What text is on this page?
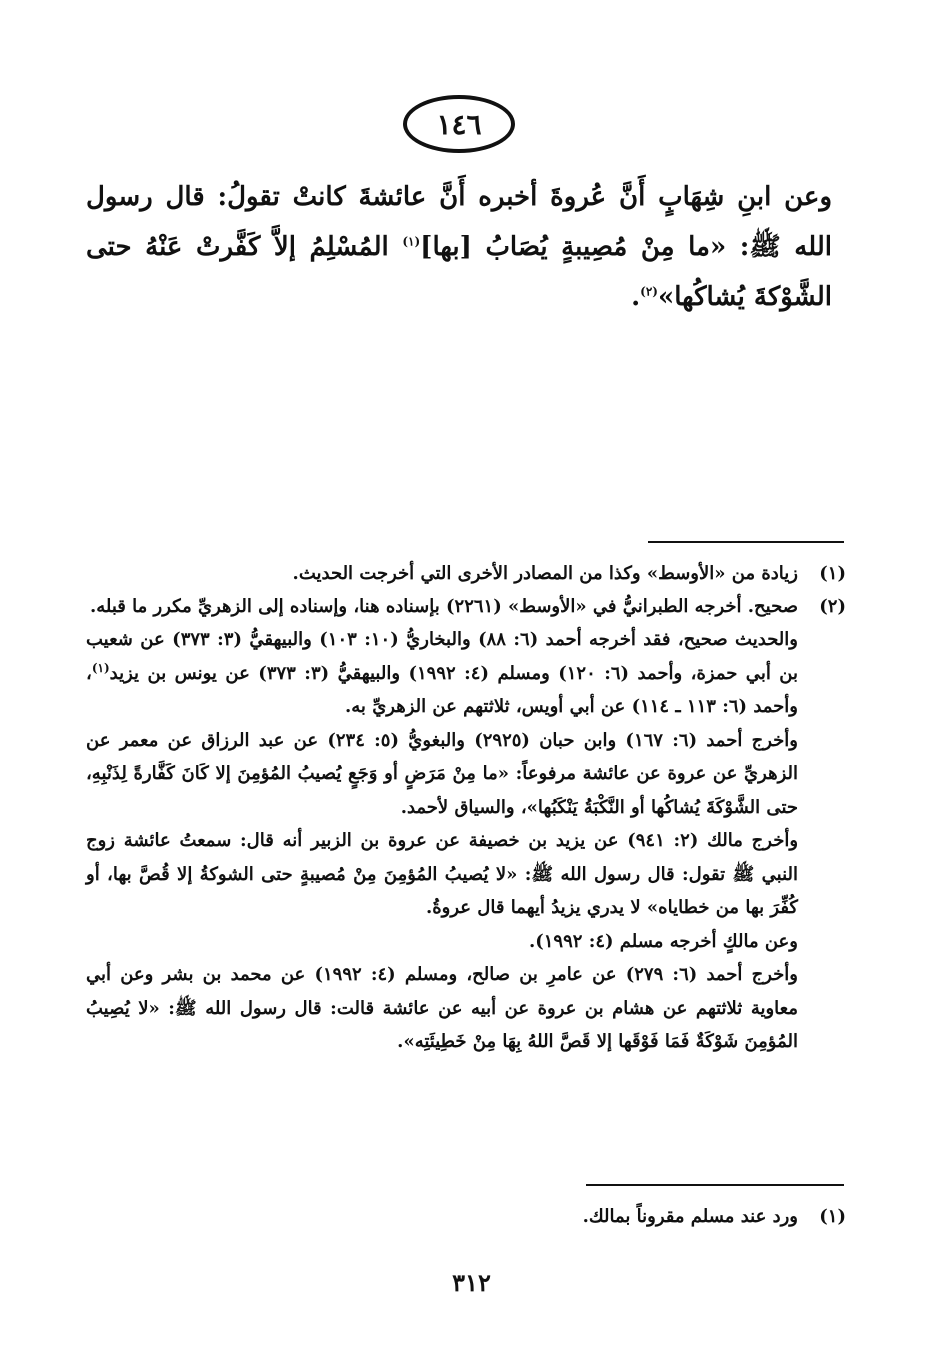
١٤٦
وعن ابنِ شِهَابٍ أَنَّ عُروةَ أخبره أَنَّ عائشةَ كانتْ تقولُ: قال رسول الله ﷺ: «ما مِنْ مُصِيبةٍ يُصَابُ [بها]$^{(١)}$ المُسْلِمُ إلاَّ كَفَّرتْ عَنْهُ حتى الشَّوْكةَ يُشاكُها»$^{(٢)}$.
(١)
زيادة من «الأوسط» وكذا من المصادر الأخرى التي أخرجت الحديث.
(٢)
صحيح. أخرجه الطبرانيُّ في «الأوسط» (٢٢٦١) بإسناده هنا، وإسناده إلى الزهريِّ مكرر ما قبله.
والحديث صحيح، فقد أخرجه أحمد (٦: ٨٨) والبخاريُّ (١٠: ١٠٣) والبيهقيُّ (٣: ٣٧٣) عن شعيب بن أبي حمزة، وأحمد (٦: ١٢٠) ومسلم (٤: ١٩٩٢) والبيهقيُّ (٣: ٣٧٣) عن يونس بن يزيد$^{(١)}$، وأحمد (٦: ١١٣ ـ ١١٤) عن أبي أويس، ثلاثتهم عن الزهريِّ به.
وأخرج أحمد (٦: ١٦٧) وابن حبان (٢٩٢٥) والبغويُّ (٥: ٢٣٤) عن عبد الرزاق عن معمر عن الزهريِّ عن عروة عن عائشة مرفوعاً: «ما مِنْ مَرَضٍ أو وَجَعٍ يُصيبُ المُؤمِنَ إلا كَانَ كَفَّارةً لِذَنْبِهِ، حتى الشَّوْكَةَ يُشاكُها أو النَّكْبَةُ يَنْكَبُها»، والسياق لأحمد.
وأخرج مالك (٢: ٩٤١) عن يزيد بن خصيفة عن عروة بن الزبير أنه قال: سمعتُ عائشة زوج النبي ﷺ تقول: قال رسول الله ﷺ: «لا يُصيبُ المُؤمِنَ مِنْ مُصيبةٍ حتى الشوكةُ إلا قُصَّ بها، أو كُفِّرَ بها من خطاياه» لا يدري يزيدُ أيهما قال عروةُ.
وعن مالكٍ أخرجه مسلم (٤: ١٩٩٢).
وأخرج أحمد (٦: ٢٧٩) عن عامرِ بن صالح، ومسلم (٤: ١٩٩٢) عن محمد بن بشر وعن أبي معاوية ثلاثتهم عن هشام بن عروة عن أبيه عن عائشة قالت: قال رسول الله ﷺ: «لا يُصِيبُ المُؤمِنَ شَوْكَةٌ فَمَا فَوْقَها إلا قَصَّ اللهُ بِهَا مِنْ خَطِيئَتِه».
(١)
ورد عند مسلم مقروناً بمالك.
٣١٢
